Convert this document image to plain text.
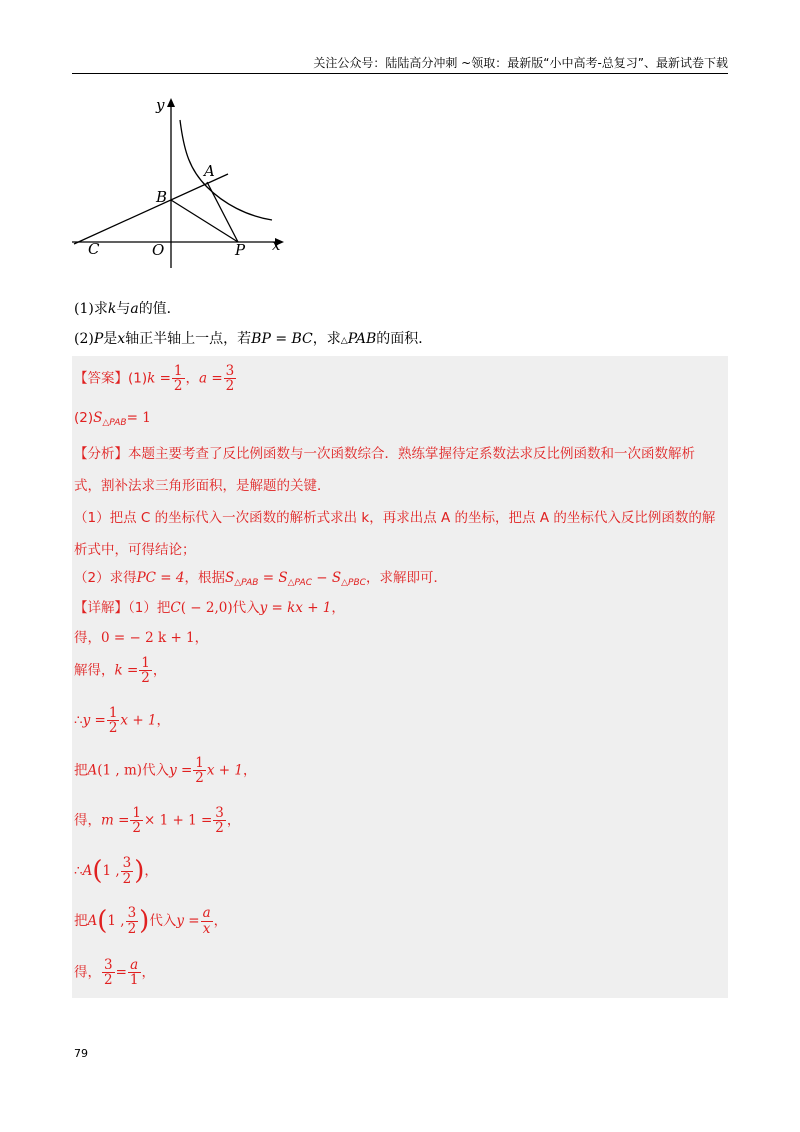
关注公众号：陆陆高分冲刺 ~领取：最新版“小中高考-总复习”、最新试卷下载
y
x
A
B
C	O	P
(1)求k与a的值．
(2)P是x轴正半轴上一点，若BP = BC，求△PAB的面积．
【答案】$(1)k = \frac{1}{2}$ ，$a = \frac{3}{2}$
$(2)S_{\triangle PAB}= 1$
【分析】本题主要考查了反比例函数与一次函数综合．熟练掌握待定系数法求反比例函数和一次函数解析
式，割补法求三角形面积，是解题的关键．
（1）把点 C 的坐标代入一次函数的解析式求出 k，再求出点 A 的坐标，把点 A 的坐标代入反比例函数的解
析式中，可得结论；
（2）求得PC = 4，根据$S_{\triangle PAB} = S_{\triangle PAC} - S_{\triangle PBC}$，求解即可．
【详解】（1）把C( − 2,0)代入y = kx + 1，
得，0 = − 2 k + 1，
解得，$k = \frac{1}{2}$ ，
∴y = $\frac{1}{2}$ x + 1，
把A(1 , m)代入$y = \frac{1}{2}$ x + 1，
得，$m = \frac{1}{2} \times 1 + 1 = \frac{3}{2}$ ，
∴A(1 , $\frac{3}{2}$ )，
把A(1 , $\frac{3}{2}$ )代入$y = \frac{a}{x}$ ，
得， $\frac{3}{2} = \frac{a}{1}$ ，
79
